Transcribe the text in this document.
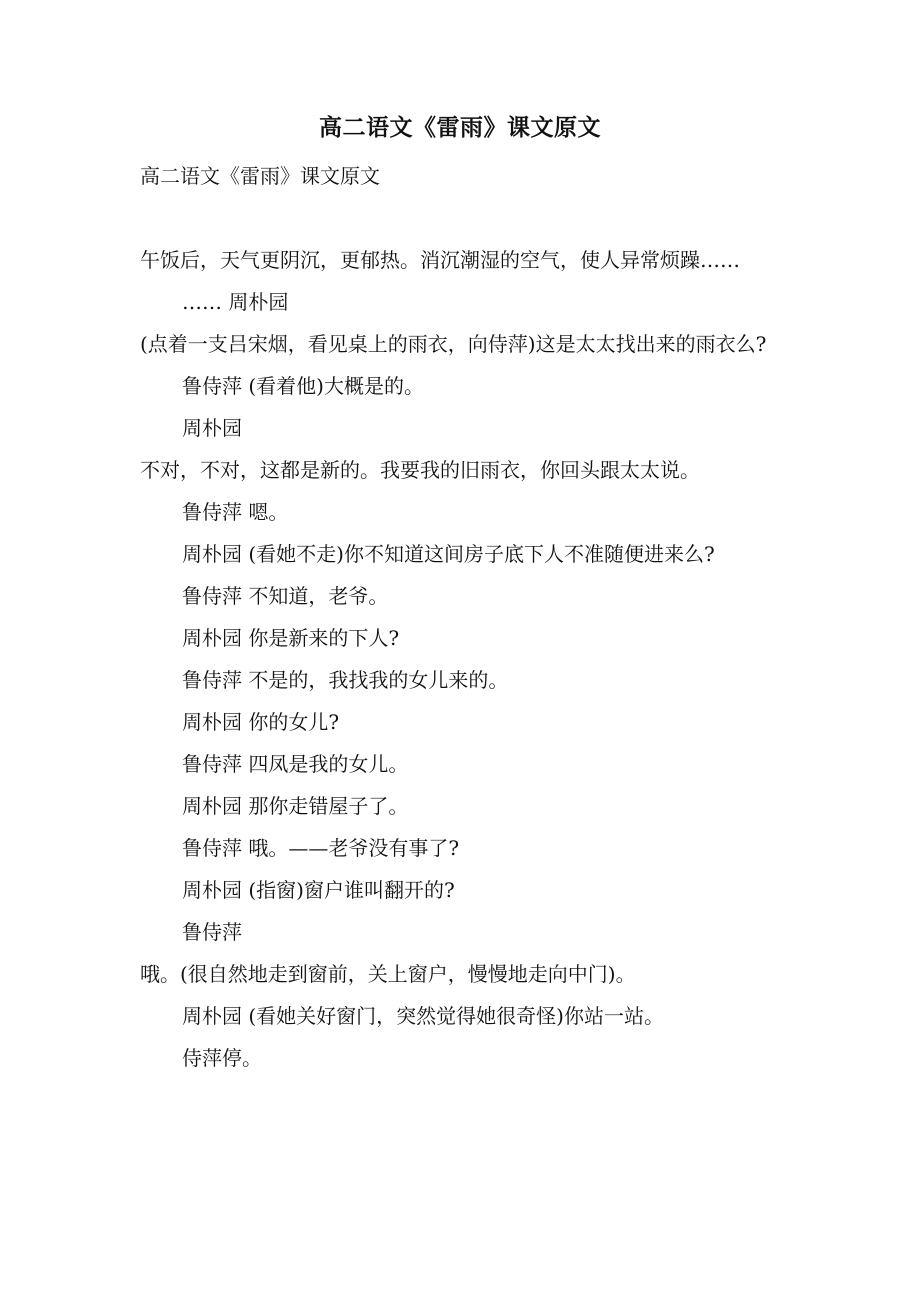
高二语文《雷雨》课文原文

高二语文《雷雨》课文原文

午饭后，天气更阴沉，更郁热。消沉潮湿的空气，使人异常烦躁……

…… 周朴园

(点着一支吕宋烟，看见桌上的雨衣，向侍萍)这是太太找出来的雨衣么?

鲁侍萍 (看着他)大概是的。

周朴园

不对，不对，这都是新的。我要我的旧雨衣，你回头跟太太说。

鲁侍萍 嗯。

周朴园 (看她不走)你不知道这间房子底下人不准随便进来么?

鲁侍萍 不知道，老爷。

周朴园 你是新来的下人?

鲁侍萍 不是的，我找我的女儿来的。

周朴园 你的女儿?

鲁侍萍 四凤是我的女儿。

周朴园 那你走错屋子了。

鲁侍萍 哦。——老爷没有事了?

周朴园 (指窗)窗户谁叫翻开的?

鲁侍萍

哦。(很自然地走到窗前，关上窗户，慢慢地走向中门)。

周朴园 (看她关好窗门，突然觉得她很奇怪)你站一站。

侍萍停。
